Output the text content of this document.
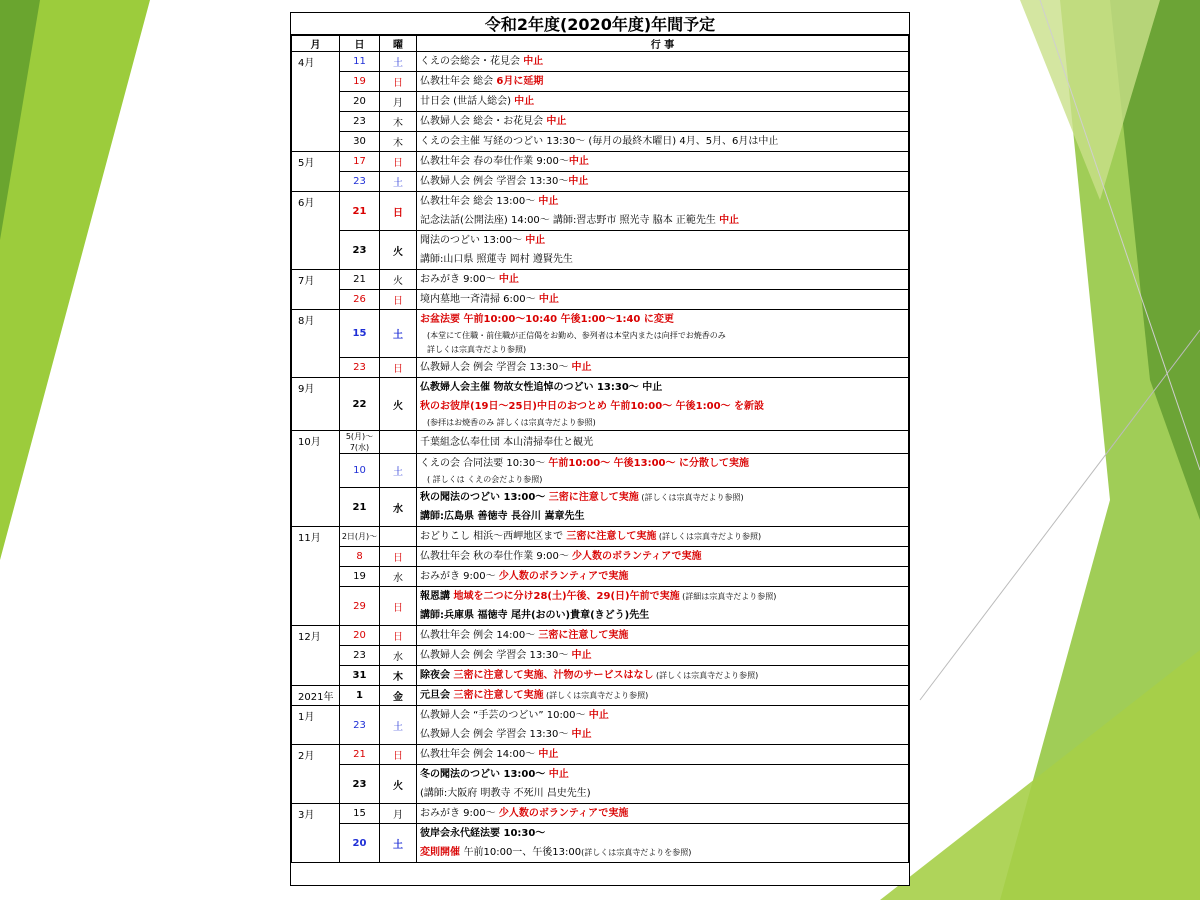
令和2年度(2020年度)年間予定
月	日	曜	行 事
4月	11	土	くえの会総会・花見会 中止

	19	日	仏教壮年会 総会 6月に延期

	20	月	廿日会 (世話人総会) 中止

	23	木	仏教婦人会 総会・お花見会 中止

	30	木	くえの会主催 写経のつどい 13:30〜 (毎月の最終木曜日) 4月、5月、6月は中止

5月	17	日	仏教壮年会 春の奉仕作業 9:00〜中止

	23	土	仏教婦人会 例会 学習会 13:30〜中止

6月	21	日	仏教壮年会 総会 13:00〜 中止
記念法話(公開法座) 14:00〜 講師:習志野市 照光寺 脇本 正範先生 中止

	23	火	聞法のつどい 13:00〜 中止
講師:山口県 照蓮寺 岡村 遵賢先生

7月	21	火	おみがき 9:00〜 中止

	26	日	境内墓地一斉清掃 6:00〜 中止

8月	15	土	お盆法要 午前10:00〜10:40 午後1:00〜1:40 に変更
(本堂にて住職・前住職が正信偈をお勤め、参列者は本堂内または向拝でお焼香のみ
詳しくは宗真寺だより参照)

	23	日	仏教婦人会 例会 学習会 13:30〜 中止

9月	22	火	仏教婦人会主催 物故女性追悼のつどい 13:30〜 中止
秋のお彼岸(19日〜25日)中日のおつとめ 午前10:00〜 午後1:00〜 を新設
(参拝はお焼香のみ 詳しくは宗真寺だより参照)

10月	5(月)〜7(水)		千葉組念仏奉仕団 本山清掃奉仕と観光

	10	土	くえの会 合同法要 10:30〜 午前10:00〜 午後13:00〜 に分散して実施
( 詳しくは くえの会だより参照)

	21	水	秋の聞法のつどい 13:00〜 三密に注意して実施 (詳しくは宗真寺だより参照)
講師:広島県 善徳寺 長谷川 嵩章先生

11月	2日(月)〜		おどりこし 相浜〜西岬地区まで 三密に注意して実施 (詳しくは宗真寺だより参照)

	8	日	仏教壮年会 秋の奉仕作業 9:00〜 少人数のボランティアで実施

	19	水	おみがき 9:00〜 少人数のボランティアで実施

	29	日	報恩講 地域を二つに分け28(土)午後、29(日)午前で実施 (詳細は宗真寺だより参照)
講師:兵庫県 福徳寺 尾井(おのい)貴章(きどう)先生

12月	20	日	仏教壮年会 例会 14:00〜 三密に注意して実施

	23	水	仏教婦人会 例会 学習会 13:30〜 中止

	31	木	除夜会 三密に注意して実施、汁物のサービスはなし (詳しくは宗真寺だより参照)

2021年	1	金	元旦会 三密に注意して実施 (詳しくは宗真寺だより参照)

1月	23	土	仏教婦人会 “手芸のつどい” 10:00〜 中止
仏教婦人会 例会 学習会 13:30〜 中止

2月	21	日	仏教壮年会 例会 14:00〜 中止

	23	火	冬の聞法のつどい 13:00〜 中止
(講師:大阪府 明教寺 不死川 昌史先生)

3月	15	月	おみがき 9:00〜 少人数のボランティアで実施

	20	土	彼岸会永代経法要 10:30〜
変則開催 午前10:00一、午後13:00(詳しくは宗真寺だよりを参照)
